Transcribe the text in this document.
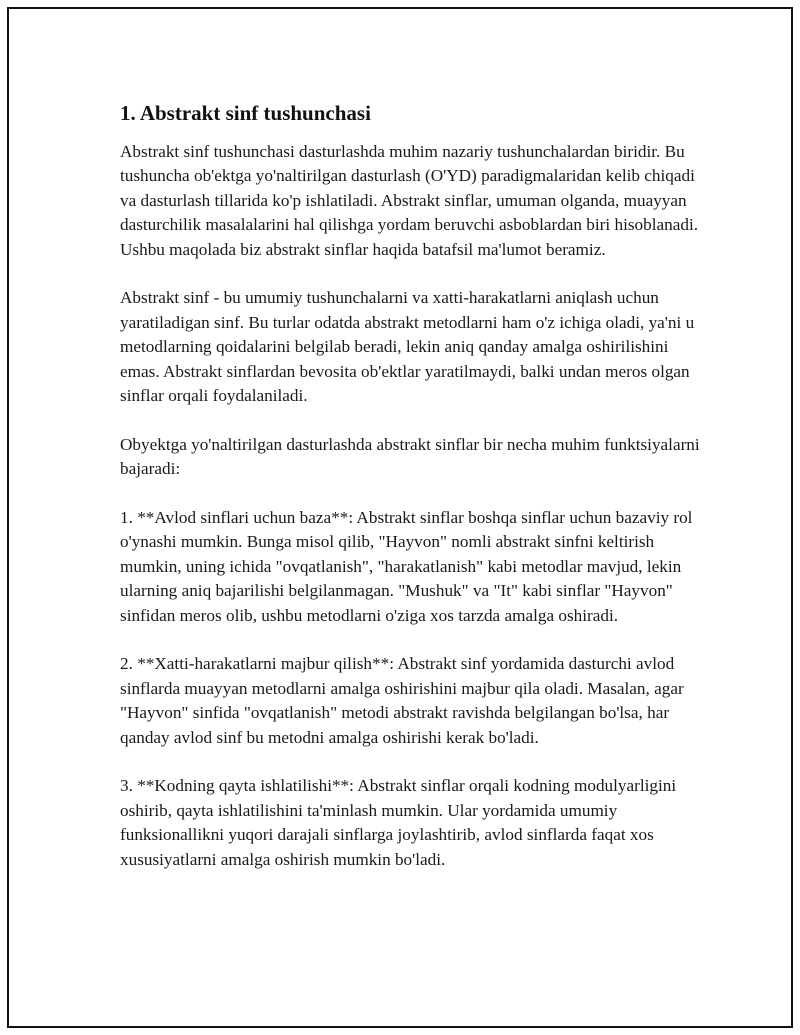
1. Abstrakt sinf tushunchasi

Abstrakt sinf tushunchasi dasturlashda muhim nazariy tushunchalardan biridir. Bu tushuncha ob'ektga yo'naltirilgan dasturlash (O'YD) paradigmalaridan kelib chiqadi va dasturlash tillarida ko'p ishlatiladi. Abstrakt sinflar, umuman olganda, muayyan dasturchilik masalalarini hal qilishga yordam beruvchi asboblardan biri hisoblanadi. Ushbu maqolada biz abstrakt sinflar haqida batafsil ma'lumot beramiz.

Abstrakt sinf - bu umumiy tushunchalarni va xatti-harakatlarni aniqlash uchun yaratiladigan sinf. Bu turlar odatda abstrakt metodlarni ham o'z ichiga oladi, ya'ni u metodlarning qoidalarini belgilab beradi, lekin aniq qanday amalga oshirilishini emas. Abstrakt sinflardan bevosita ob'ektlar yaratilmaydi, balki undan meros olgan sinflar orqali foydalaniladi.

Obyektga yo'naltirilgan dasturlashda abstrakt sinflar bir necha muhim funktsiyalarni bajaradi:

1. **Avlod sinflari uchun baza**: Abstrakt sinflar boshqa sinflar uchun bazaviy rol o'ynashi mumkin. Bunga misol qilib, "Hayvon" nomli abstrakt sinfni keltirish mumkin, uning ichida "ovqatlanish", "harakatlanish" kabi metodlar mavjud, lekin ularning aniq bajarilishi belgilanmagan. "Mushuk" va "It" kabi sinflar "Hayvon" sinfidan meros olib, ushbu metodlarni o'ziga xos tarzda amalga oshiradi.

2. **Xatti-harakatlarni majbur qilish**: Abstrakt sinf yordamida dasturchi avlod sinflarda muayyan metodlarni amalga oshirishini majbur qila oladi. Masalan, agar "Hayvon" sinfida "ovqatlanish" metodi abstrakt ravishda belgilangan bo'lsa, har qanday avlod sinf bu metodni amalga oshirishi kerak bo'ladi.

3. **Kodning qayta ishlatilishi**: Abstrakt sinflar orqali kodning modulyarligini oshirib, qayta ishlatilishini ta'minlash mumkin. Ular yordamida umumiy funksionallikni yuqori darajali sinflarga joylashtirib, avlod sinflarda faqat xos xususiyatlarni amalga oshirish mumkin bo'ladi.
